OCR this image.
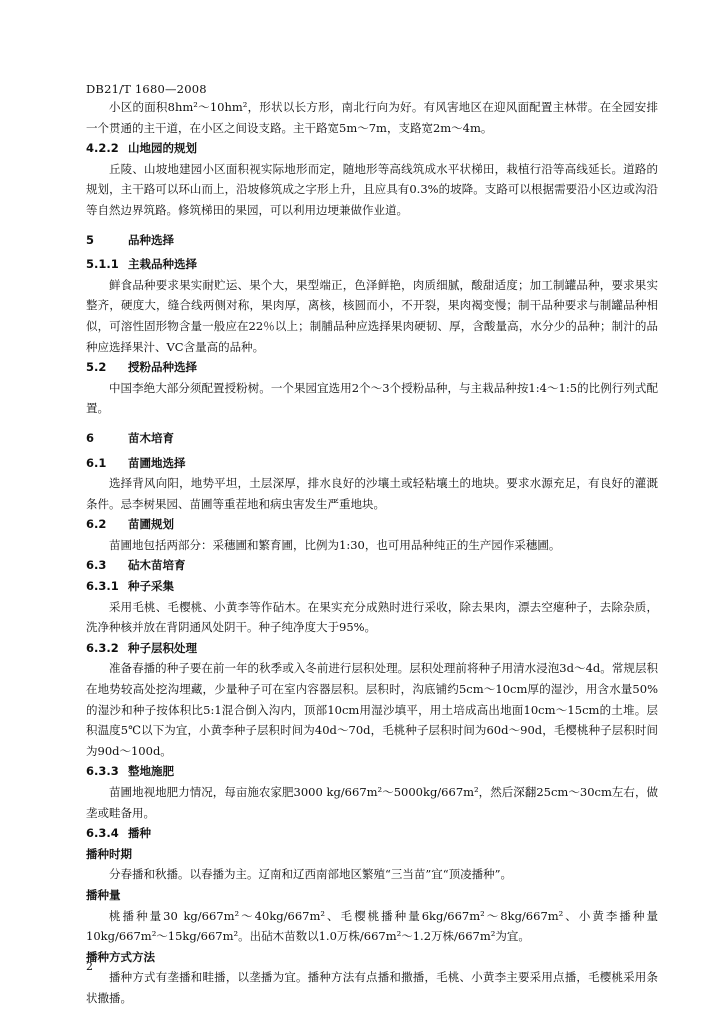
DB21/T 1680—2008

小区的面积8hm²～10hm²，形状以长方形，南北行向为好。有风害地区在迎风面配置主林带。在全园安排一个贯通的主干道，在小区之间设支路。主干路宽5m～7m，支路宽2m～4m。

4.2.2 山地园的规划

丘陵、山坡地建园小区面积视实际地形而定，随地形等高线筑成水平状梯田，栽植行沿等高线延长。道路的规划，主干路可以环山而上，沿坡修筑成之字形上升，且应具有0.3%的坡降。支路可以根据需要沿小区边或沟沿等自然边界筑路。修筑梯田的果园，可以利用边埂兼做作业道。

5	品种选择
5.1.1 主栽品种选择

鲜食品种要求果实耐贮运、果个大，果型端正，色泽鲜艳，肉质细腻，酸甜适度；加工制罐品种，要求果实整齐，硬度大，缝合线两侧对称，果肉厚，离核，核圆而小，不开裂，果肉褐变慢；制干品种要求与制罐品种相似，可溶性固形物含量一般应在22％以上；制脯品种应选择果肉硬韧、厚，含酸量高，水分少的品种；制汁的品种应选择果汁、VC含量高的品种。

5.2 授粉品种选择

中国李绝大部分须配置授粉树。一个果园宜选用2个～3个授粉品种，与主栽品种按1:4～1:5的比例行列式配置。

6	苗木培育
6.1 苗圃地选择

选择背风向阳，地势平坦，土层深厚，排水良好的沙壤土或轻粘壤土的地块。要求水源充足，有良好的灌溉条件。忌李树果园、苗圃等重茬地和病虫害发生严重地块。

6.2 苗圃规划

苗圃地包括两部分：采穗圃和繁育圃，比例为1:30，也可用品种纯正的生产园作采穗圃。

6.3 砧木苗培育
6.3.1 种子采集

采用毛桃、毛樱桃、小黄李等作砧木。在果实充分成熟时进行采收，除去果肉，漂去空瘪种子，去除杂质，洗净种核并放在背阴通风处阴干。种子纯净度大于95%。

6.3.2 种子层积处理

准备春播的种子要在前一年的秋季或入冬前进行层积处理。层积处理前将种子用清水浸泡3d～4d。常规层积在地势较高处挖沟埋藏，少量种子可在室内容器层积。层积时，沟底铺约5cm～10cm厚的湿沙，用含水量50%的湿沙和种子按体积比5:1混合倒入沟内，顶部10cm用湿沙填平，用土培成高出地面10cm～15cm的土堆。层积温度5℃以下为宜，小黄李种子层积时间为40d～70d，毛桃种子层积时间为60d～90d，毛樱桃种子层积时间为90d～100d。

6.3.3 整地施肥

苗圃地视地肥力情况，每亩施农家肥3000 kg/667m²～5000kg/667m²，然后深翻25cm～30cm左右，做垄或畦备用。

6.3.4 播种
播种时期

分春播和秋播。以春播为主。辽南和辽西南部地区繁殖“三当苗”宜“顶凌播种”。

播种量

桃播种量30 kg/667m²～40kg/667m²、毛樱桃播种量6kg/667m²～8kg/667m²、小黄李播种量10kg/667m²～15kg/667m²。出砧木苗数以1.0万株/667m²～1.2万株/667m²为宜。

播种方式方法

播种方式有垄播和畦播，以垄播为宜。播种方法有点播和撒播，毛桃、小黄李主要采用点播，毛樱桃采用条状撒播。

2
